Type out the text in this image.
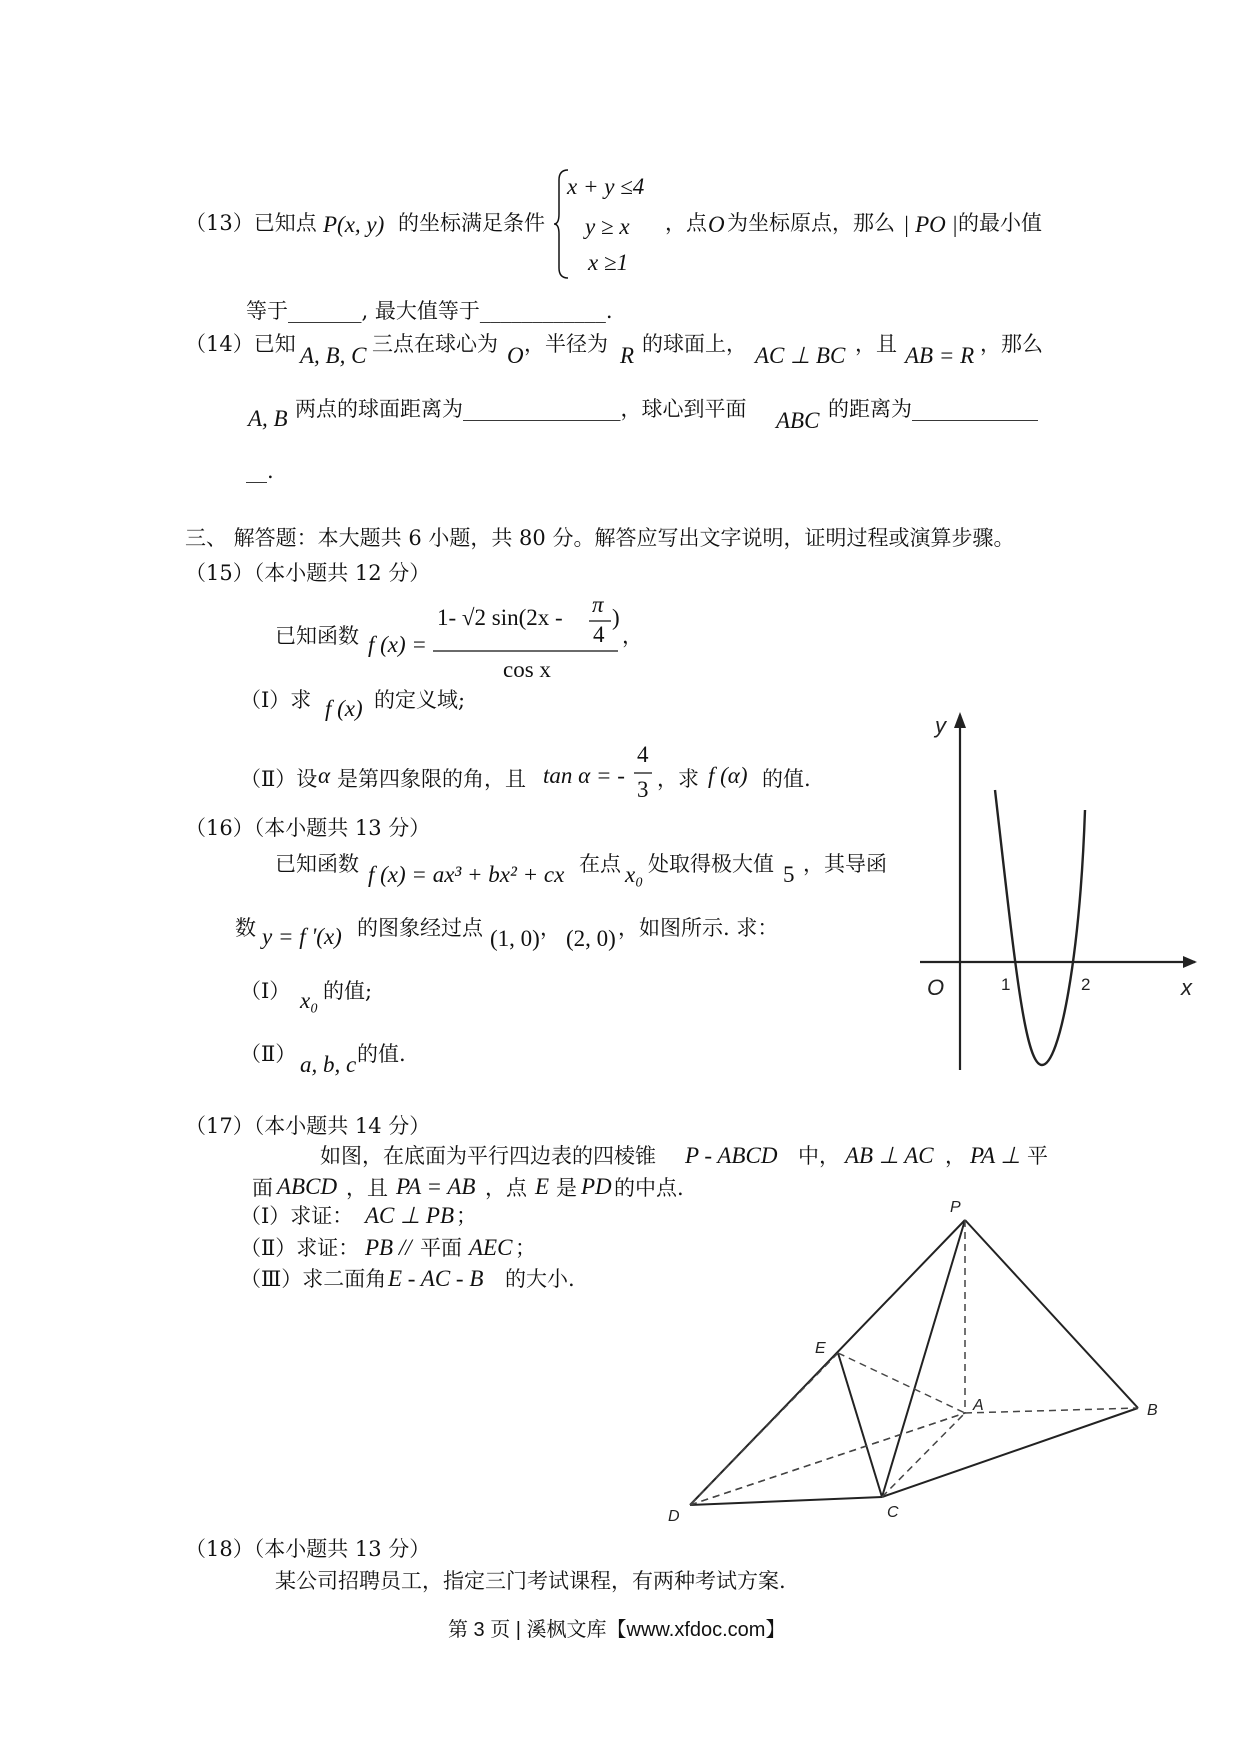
（13）已知点 P(x, y) 的坐标满足条件
x + y ≤4
y ≥ x
x ≥1
，点 O 为坐标原点，那么 | PO | 的最小值
等于_______, 最大值等于____________.
（14）已知 A, B, C 三点在球心为 O ，半径为 R 的球面上， AC ⊥ BC ，且 AB = R ，那么
A, B 两点的球面距离为_______________，球心到平面 ABC 的距离为____________
__.
三、 解答题：本大题共 6 小题，共 80 分。解答应写出文字说明，证明过程或演算步骤。
（15）（本小题共 12 分）
已知函数 f (x) =
1- √2 sin(2x -
π
4
)
cos x
，
（Ⅰ）求 f (x) 的定义域;
（Ⅱ）设 α 是第四象限的角，且 tan α = -
4
3 ，求 f (α) 的值.
（16）（本小题共 13 分）
已知函数 f (x) = ax³ + bx² + cx 在点 x₀ 处取得极大值 5 ，其导函
数 y = f '(x) 的图象经过点 (1, 0) ， (2, 0) ，如图所示. 求：
（Ⅰ） x₀ 的值;
（Ⅱ） a, b, c 的值.
y
x
O	1	2
（17）（本小题共 14 分）
如图，在底面为平行四边表的四棱锥 P - ABCD 中， AB ⊥ AC ， PA ⊥ 平
面 ABCD ，且 PA = AB ，点 E 是 PD 的中点.
（Ⅰ）求证： AC ⊥ PB ；
（Ⅱ）求证： PB // 平面 AEC ；
（Ⅲ）求二面角 E - AC - B 的大小.
P
E
A	B
C
D
（18）（本小题共 13 分）
某公司招聘员工，指定三门考试课程，有两种考试方案.
第 3 页 | 溪枫文库【www.xfdoc.com】
